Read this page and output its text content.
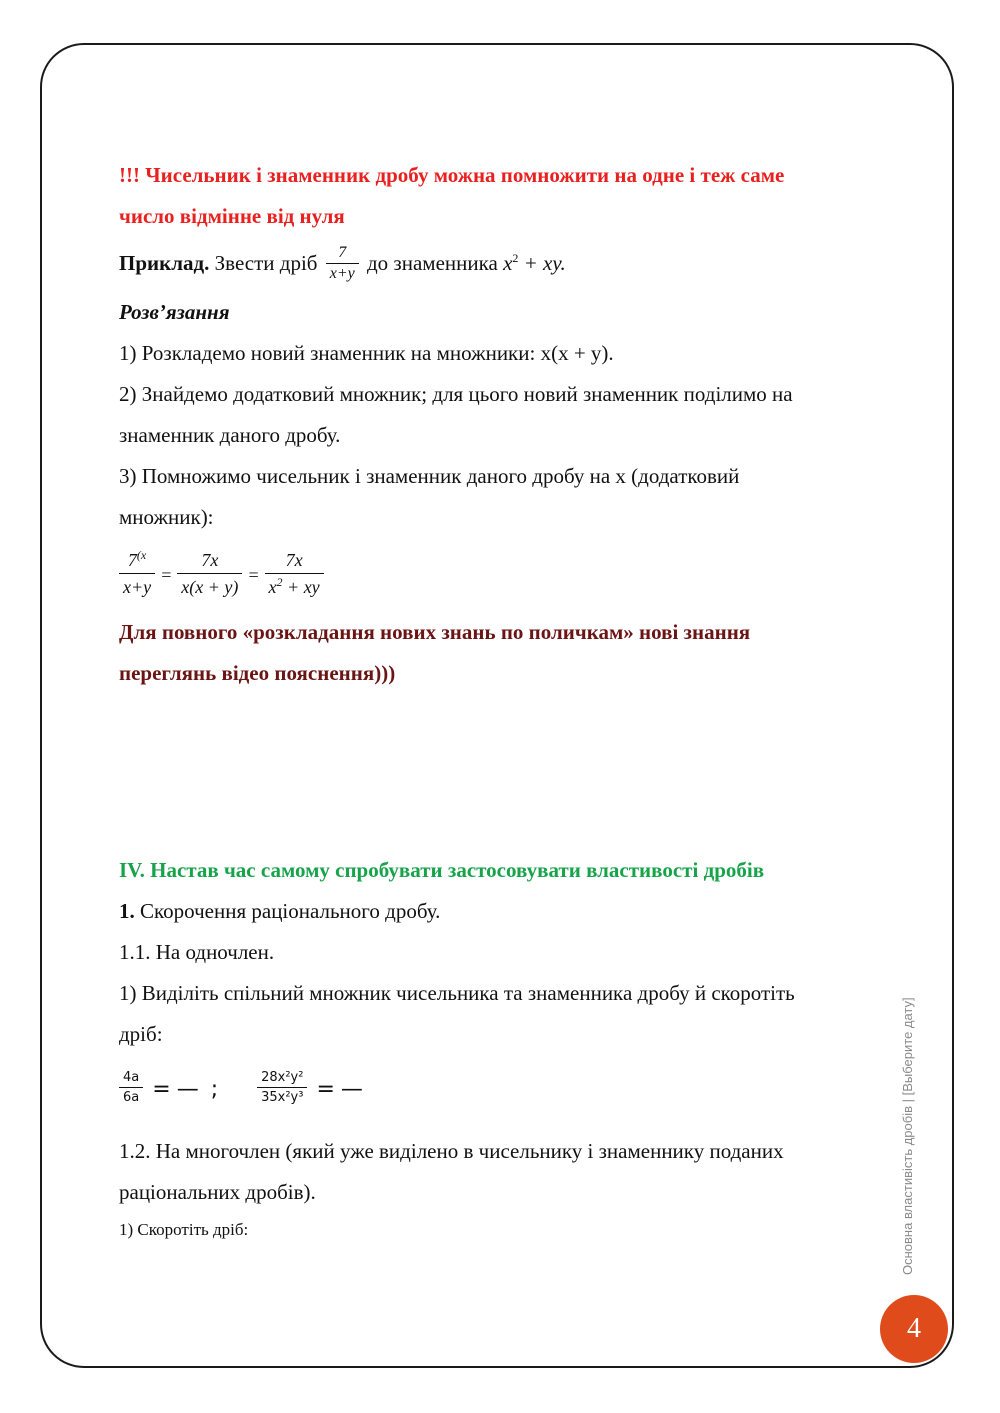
!!! Чисельник і знаменник дробу можна помножити на одне і теж саме

число відмінне від нуля

Приклад. Звести дріб $\frac{7}{x+y}$ до знаменника $x^2$ + xy.

Розв’язання

1) Розкладемо новий знаменник на множники: x(x + y).

2) Знайдемо додатковий множник; для цього новий знаменник поділимо на

знаменник даного дробу.

3) Помножимо чисельник і знаменник даного дробу на x (додатковий

множник):

$\frac{7^{(x}}{x+y} = \frac{7x}{x(x + y)} = \frac{7x}{x^2 + xy}$

Для повного «розкладання нових знань по поличкам» нові знання

переглянь відео пояснення)))

IV. Настав час самому спробувати застосовувати властивості дробів

1. Скорочення раціонального дробу.

1.1. На одночлен.

1) Виділіть спільний множник чисельника та знаменника дробу й скоротіть

дріб:

$\frac{4a}{6a}$ = — ;	$\frac{\text{28x²y²}}{\text{35x²y³}}$ = —

1.2. На многочлен (який уже виділено в чисельнику і знаменнику поданих

раціональних дробів).

1) Скоротіть дріб:	Основна властивість дробів | [Выберите дату]
4
